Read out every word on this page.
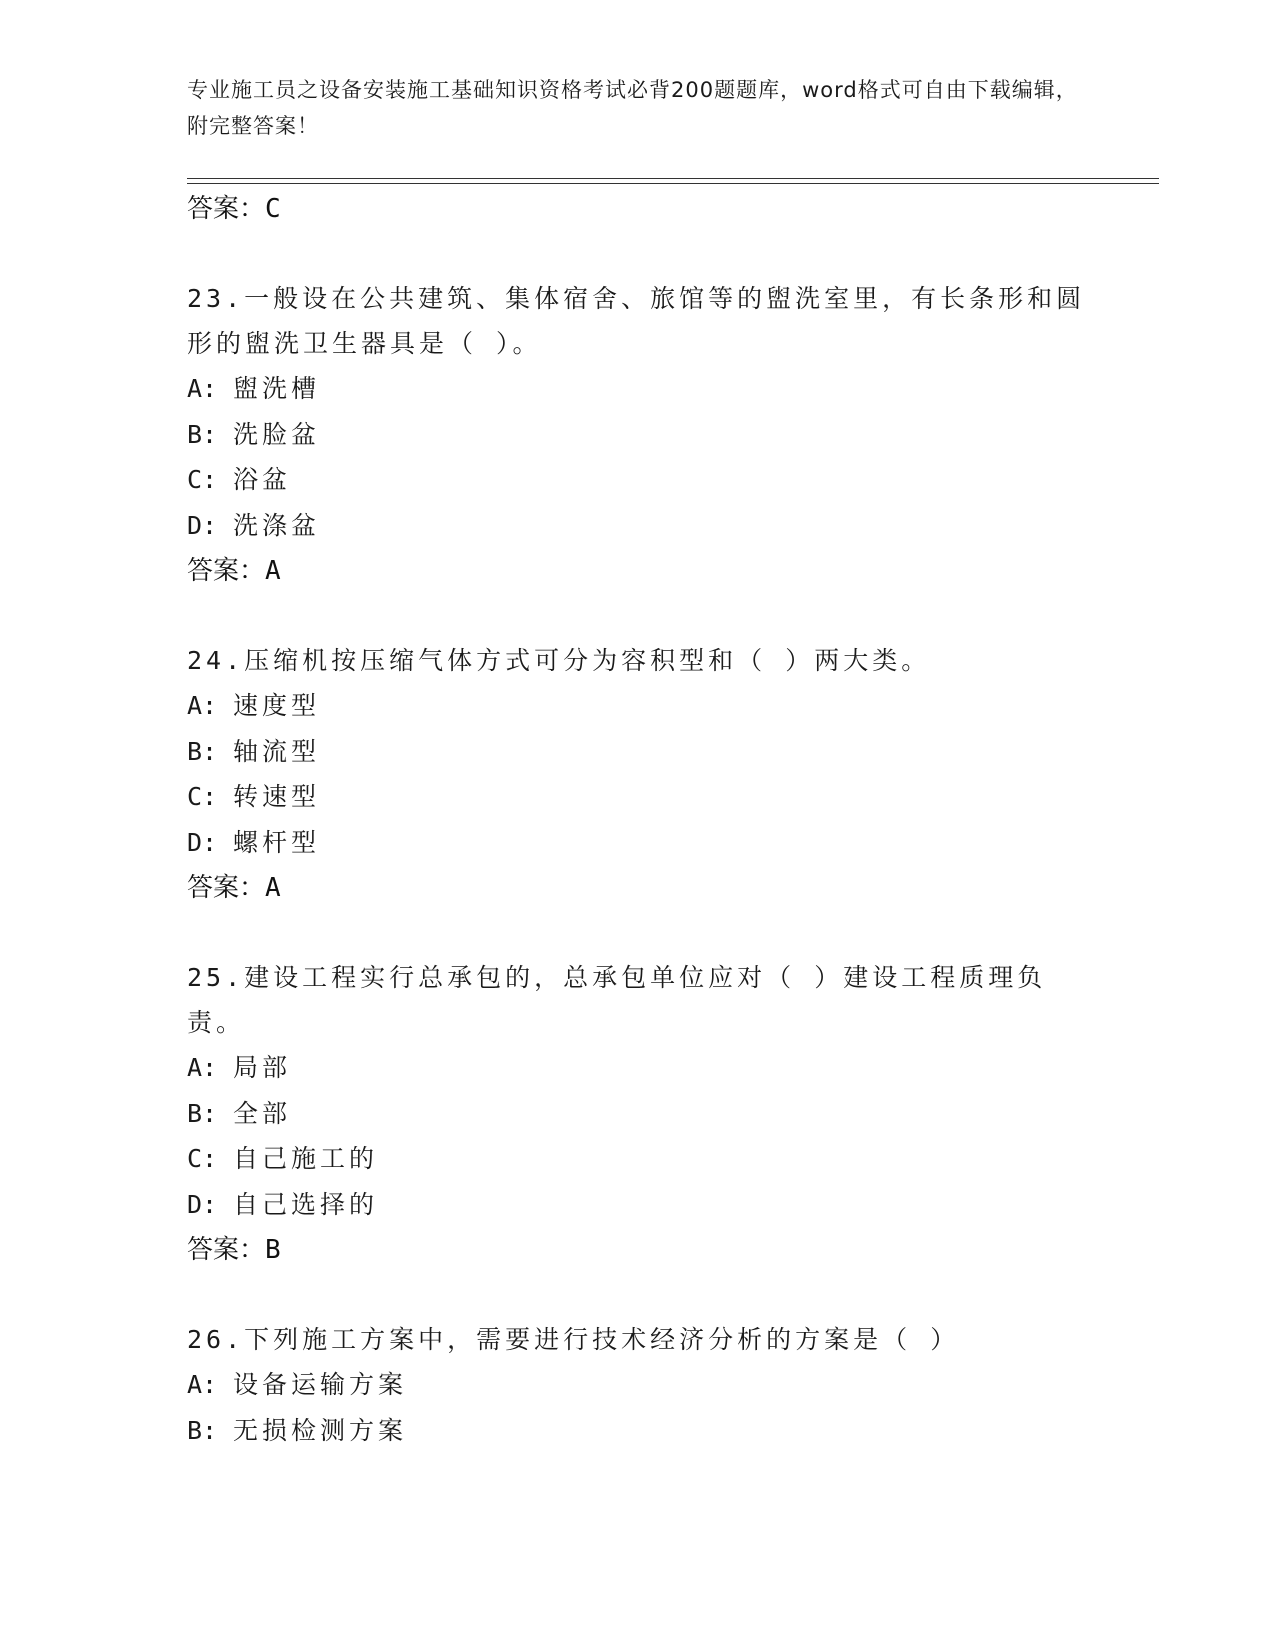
专业施工员之设备安装施工基础知识资格考试必背200题题库，word格式可自由下载编辑，附完整答案！
答案：C
23.一般设在公共建筑、集体宿舍、旅馆等的盥洗室里，有长条形和圆形的盥洗卫生器具是（ ）。
A: 盥洗槽
B: 洗脸盆
C: 浴盆
D: 洗涤盆
答案：A
24.压缩机按压缩气体方式可分为容积型和（ ）两大类。
A: 速度型
B: 轴流型
C: 转速型
D: 螺杆型
答案：A
25.建设工程实行总承包的，总承包单位应对（ ）建设工程质理负责。
A: 局部
B: 全部
C: 自己施工的
D: 自己选择的
答案：B
26.下列施工方案中，需要进行技术经济分析的方案是（ ）
A: 设备运输方案
B: 无损检测方案
